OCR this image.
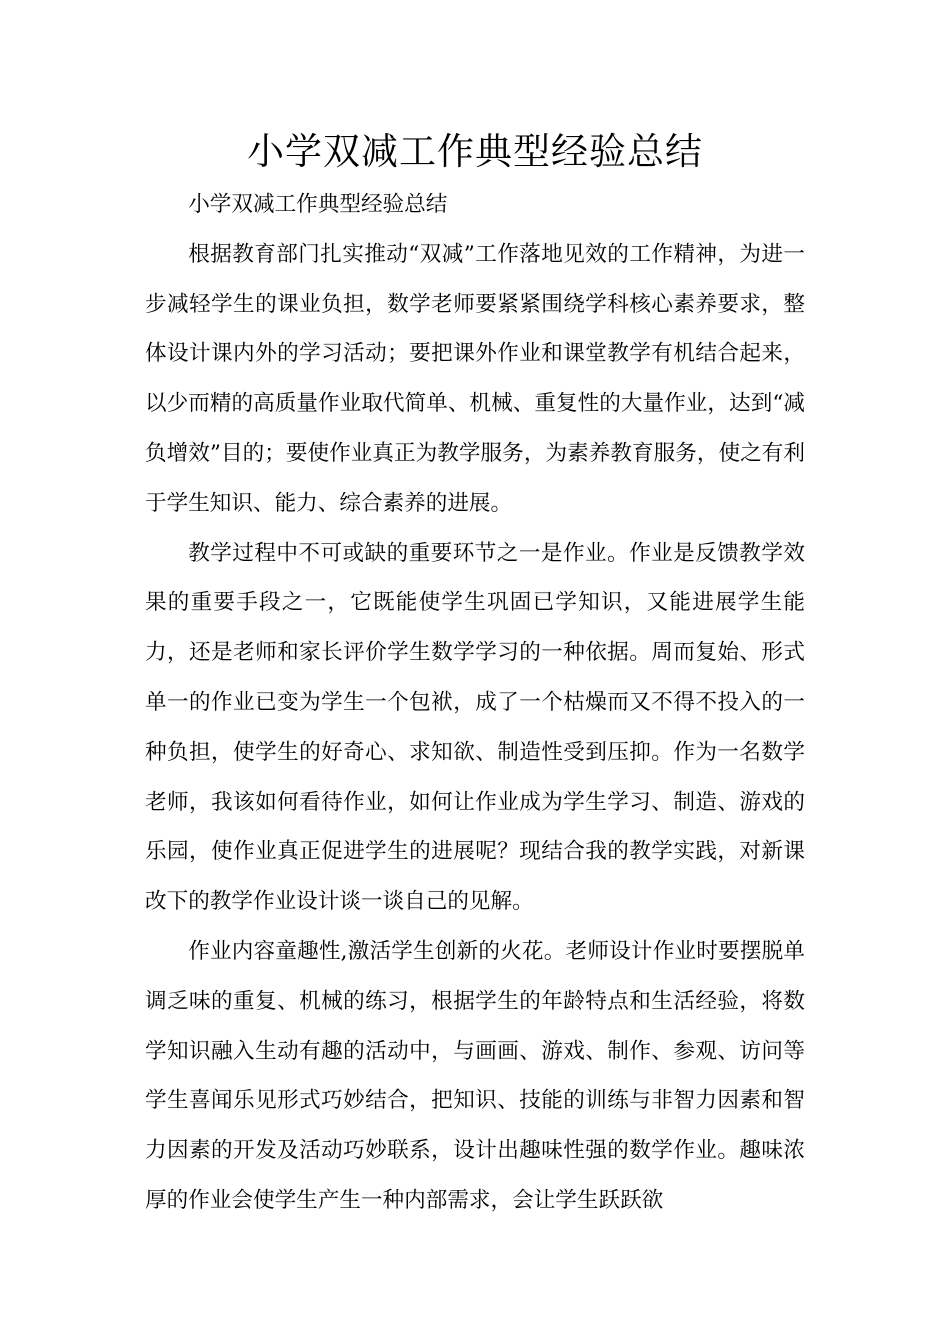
小学双减工作典型经验总结

小学双减工作典型经验总结

根据教育部门扎实推动“双减”工作落地见效的工作精神，为进一步减轻学生的课业负担，数学老师要紧紧围绕学科核心素养要求，整体设计课内外的学习活动；要把课外作业和课堂教学有机结合起来，以少而精的高质量作业取代简单、机械、重复性的大量作业，达到“减负增效”目的；要使作业真正为教学服务，为素养教育服务，使之有利于学生知识、能力、综合素养的进展。

教学过程中不可或缺的重要环节之一是作业。作业是反馈教学效果的重要手段之一，它既能使学生巩固已学知识，又能进展学生能力，还是老师和家长评价学生数学学习的一种依据。周而复始、形式单一的作业已变为学生一个包袱，成了一个枯燥而又不得不投入的一种负担，使学生的好奇心、求知欲、制造性受到压抑。作为一名数学老师，我该如何看待作业，如何让作业成为学生学习、制造、游戏的乐园，使作业真正促进学生的进展呢？现结合我的教学实践，对新课改下的教学作业设计谈一谈自己的见解。

作业内容童趣性,激活学生创新的火花。老师设计作业时要摆脱单调乏味的重复、机械的练习，根据学生的年龄特点和生活经验，将数学知识融入生动有趣的活动中，与画画、游戏、制作、参观、访问等学生喜闻乐见形式巧妙结合，把知识、技能的训练与非智力因素和智力因素的开发及活动巧妙联系，设计出趣味性强的数学作业。趣味浓厚的作业会使学生产生一种内部需求，会让学生跃跃欲
